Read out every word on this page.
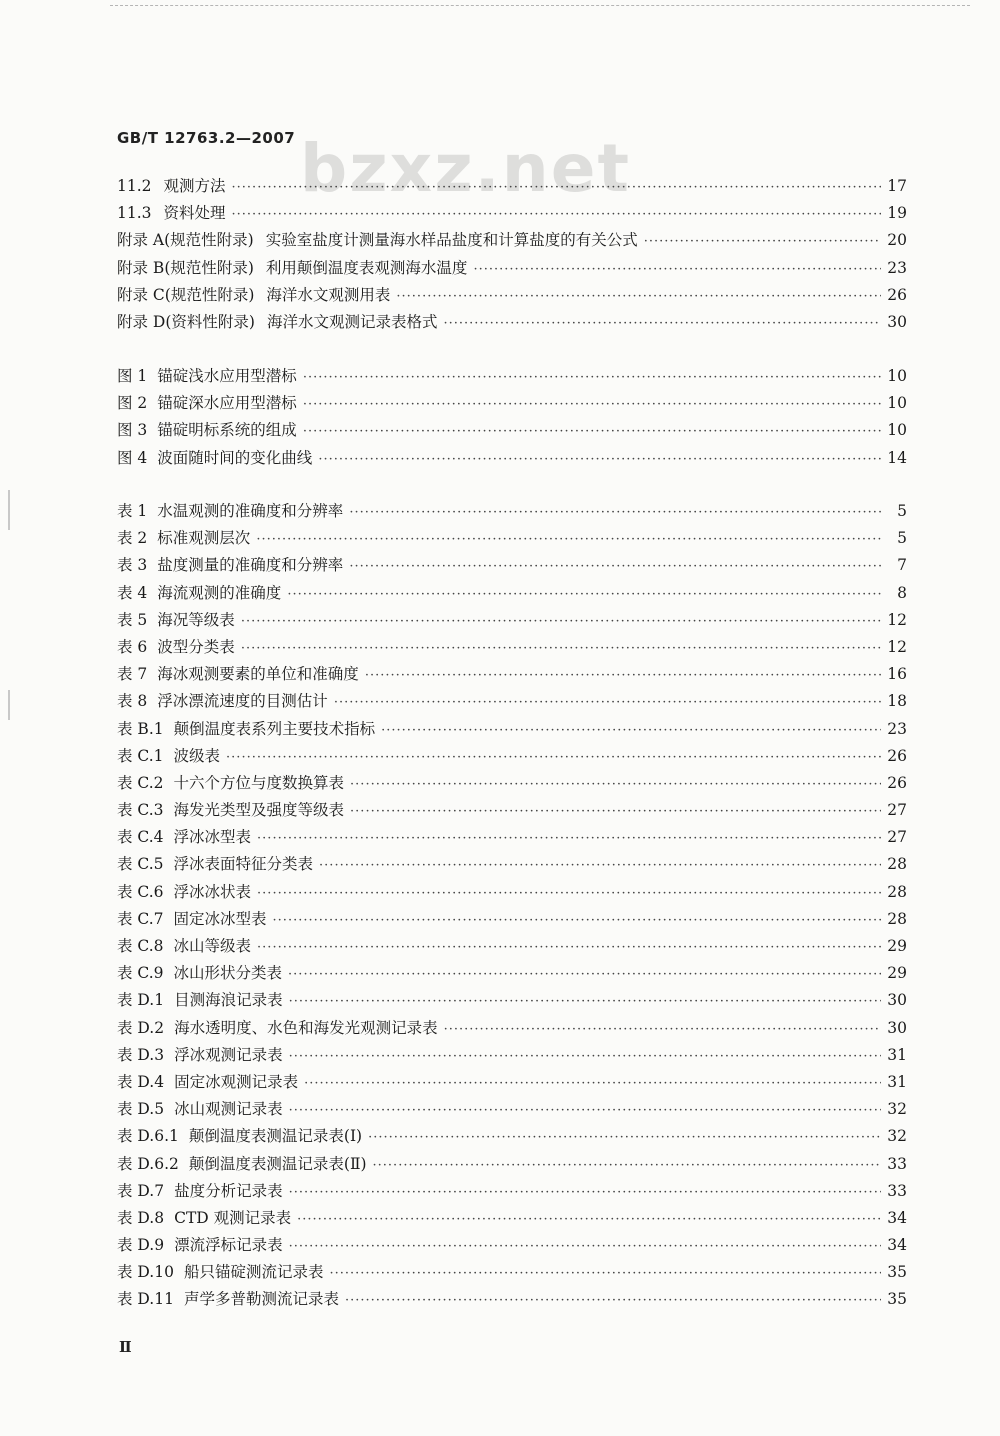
GB/T 12763.2—2007 bzxz.net
11.2 观测方法 ·····	17
11.3 资料处理 ·····	19
附录 A(规范性附录) 实验室盐度计测量海水样品盐度和计算盐度的有关公式 ·····	20
附录 B(规范性附录) 利用颠倒温度表观测海水温度 ·····	23
附录 C(规范性附录) 海洋水文观测用表 ·····	26
附录 D(资料性附录) 海洋水文观测记录表格式 ·····	30
图 1 锚碇浅水应用型潜标 ·····	10
图 2 锚碇深水应用型潜标 ·····	10
图 3 锚碇明标系统的组成 ·····	10
图 4 波面随时间的变化曲线 ·····	14
表 1 水温观测的准确度和分辨率 ·····	5
表 2 标准观测层次 ·····	5
表 3 盐度测量的准确度和分辨率 ·····	7
表 4 海流观测的准确度 ·····	8
表 5 海况等级表 ·····	12
表 6 波型分类表 ·····	12
表 7 海冰观测要素的单位和准确度 ·····	16
表 8 浮冰漂流速度的目测估计 ·····	18
表 B.1 颠倒温度表系列主要技术指标 ·····	23
表 C.1 波级表 ·····	26
表 C.2 十六个方位与度数换算表 ·····	26
表 C.3 海发光类型及强度等级表 ·····	27
表 C.4 浮冰冰型表 ·····	27
表 C.5 浮冰表面特征分类表 ·····	28
表 C.6 浮冰冰状表 ·····	28
表 C.7 固定冰冰型表 ·····	28
表 C.8 冰山等级表 ·····	29
表 C.9 冰山形状分类表 ·····	29
表 D.1 目测海浪记录表 ·····	30
表 D.2 海水透明度、水色和海发光观测记录表 ·····	30
表 D.3 浮冰观测记录表 ·····	31
表 D.4 固定冰观测记录表 ·····	31
表 D.5 冰山观测记录表 ·····	32
表 D.6.1 颠倒温度表测温记录表(Ⅰ) ·····	32
表 D.6.2 颠倒温度表测温记录表(Ⅱ) ·····	33
表 D.7 盐度分析记录表 ·····	33
表 D.8 CTD 观测记录表 ·····	34
表 D.9 漂流浮标记录表 ·····	34
表 D.10 船只锚碇测流记录表 ·····	35
表 D.11 声学多普勒测流记录表 ·····	35
Ⅱ
